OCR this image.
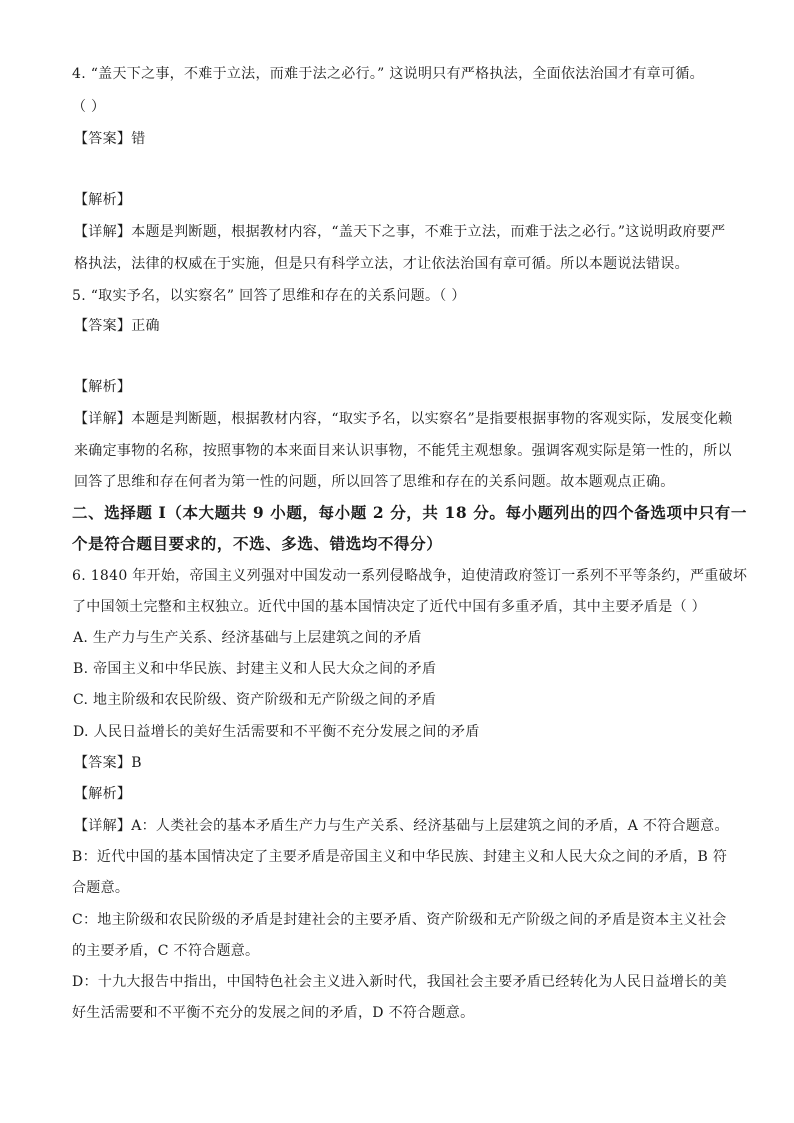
4. “盖天下之事，不难于立法，而难于法之必行。” 这说明只有严格执法，全面依法治国才有章可循。
（ ）
【答案】错
【解析】
【详解】本题是判断题，根据教材内容，“盖天下之事，不难于立法，而难于法之必行。”这说明政府要严
格执法，法律的权威在于实施，但是只有科学立法，才让依法治国有章可循。所以本题说法错误。
5. “取实予名，以实察名” 回答了思维和存在的关系问题。（ ）
【答案】正确
【解析】
【详解】本题是判断题，根据教材内容，“取实予名，以实察名”是指要根据事物的客观实际，发展变化赖
来确定事物的名称，按照事物的本来面目来认识事物，不能凭主观想象。强调客观实际是第一性的，所以
回答了思维和存在何者为第一性的问题，所以回答了思维和存在的关系问题。故本题观点正确。
二、选择题 I（本大题共 9 小题，每小题 2 分，共 18 分。每小题列出的四个备选项中只有一
个是符合题目要求的，不选、多选、错选均不得分）
6. 1840 年开始，帝国主义列强对中国发动一系列侵略战争，迫使清政府签订一系列不平等条约，严重破坏
了中国领土完整和主权独立。近代中国的基本国情决定了近代中国有多重矛盾，其中主要矛盾是（ ）
A. 生产力与生产关系、经济基础与上层建筑之间的矛盾
B. 帝国主义和中华民族、封建主义和人民大众之间的矛盾
C. 地主阶级和农民阶级、资产阶级和无产阶级之间的矛盾
D. 人民日益增长的美好生活需要和不平衡不充分发展之间的矛盾
【答案】B
【解析】
【详解】A：人类社会的基本矛盾生产力与生产关系、经济基础与上层建筑之间的矛盾，A 不符合题意。
B：近代中国的基本国情决定了主要矛盾是帝国主义和中华民族、封建主义和人民大众之间的矛盾，B 符
合题意。
C：地主阶级和农民阶级的矛盾是封建社会的主要矛盾、资产阶级和无产阶级之间的矛盾是资本主义社会
的主要矛盾，C 不符合题意。
D：十九大报告中指出，中国特色社会主义进入新时代，我国社会主要矛盾已经转化为人民日益增长的美
好生活需要和不平衡不充分的发展之间的矛盾，D 不符合题意。
